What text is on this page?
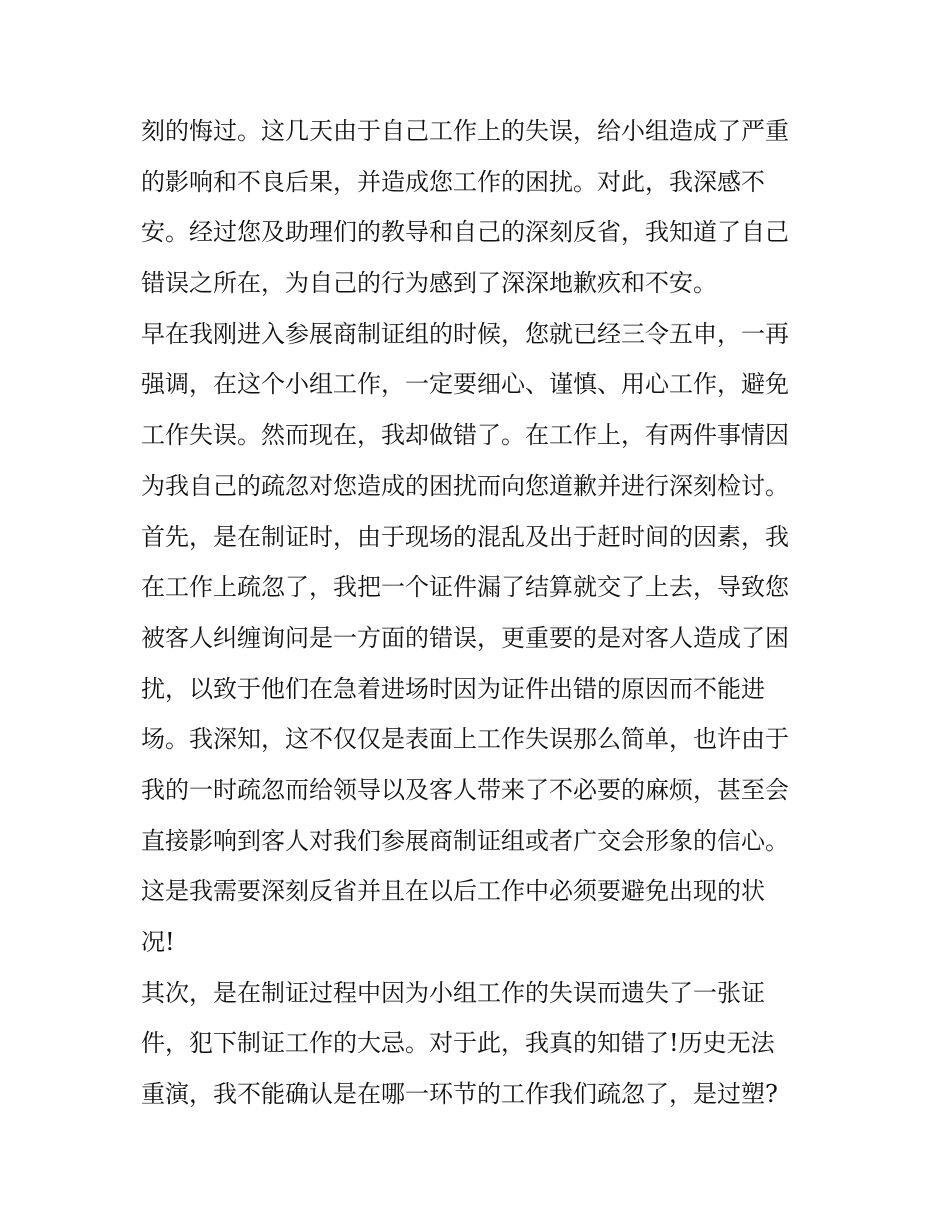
刻的悔过。这几天由于自己工作上的失误，给小组造成了严重
的影响和不良后果，并造成您工作的困扰。对此，我深感不
安。经过您及助理们的教导和自己的深刻反省，我知道了自己
错误之所在，为自己的行为感到了深深地歉疚和不安。
早在我刚进入参展商制证组的时候，您就已经三令五申，一再
强调，在这个小组工作，一定要细心、谨慎、用心工作，避免
工作失误。然而现在，我却做错了。在工作上，有两件事情因
为我自己的疏忽对您造成的困扰而向您道歉并进行深刻检讨。
首先，是在制证时，由于现场的混乱及出于赶时间的因素，我
在工作上疏忽了，我把一个证件漏了结算就交了上去，导致您
被客人纠缠询问是一方面的错误，更重要的是对客人造成了困
扰，以致于他们在急着进场时因为证件出错的原因而不能进
场。我深知，这不仅仅是表面上工作失误那么简单，也许由于
我的一时疏忽而给领导以及客人带来了不必要的麻烦，甚至会
直接影响到客人对我们参展商制证组或者广交会形象的信心。
这是我需要深刻反省并且在以后工作中必须要避免出现的状
况!
其次，是在制证过程中因为小组工作的失误而遗失了一张证
件，犯下制证工作的大忌。对于此，我真的知错了!历史无法
重演，我不能确认是在哪一环节的工作我们疏忽了，是过塑?
